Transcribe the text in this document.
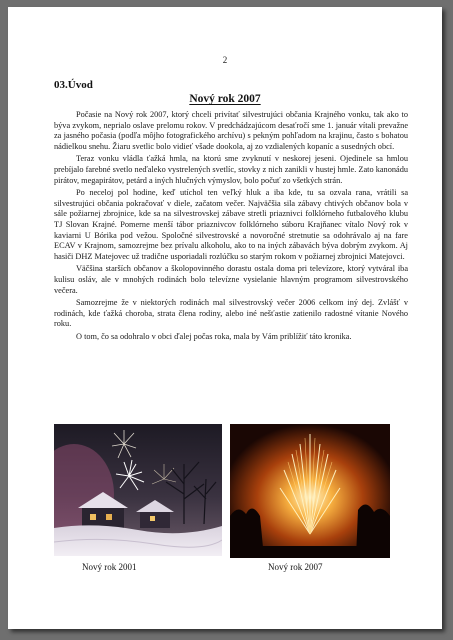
2
03.Úvod
Nový rok 2007

Počasie na Nový rok 2007, ktorý chceli privítať silvestrujúci občania Krajného vonku, tak ako to býva zvykom, neprialo oslave prelomu rokov. V predchádzajúcom desaťročí sme 1. január vítali prevažne za jasného počasia (podľa môjho fotografického archívu) s pekným pohľadom na krajinu, často s bohatou nádielkou snehu. Žiaru svetlic bolo vidieť všade dookola, aj zo vzdialených kopaníc a susedných obcí.

Teraz vonku vládla ťažká hmla, na ktorú sme zvyknutí v neskorej jeseni. Ojedinele sa hmlou prebíjalo farebné svetlo neďaleko vystrelených svetlíc, stovky z nich zanikli v hustej hmle. Zato kanonádu pirátov, megapirátov, petárd a iných hlučných výmyslov, bolo počuť zo všetkých strán.

Po neceloj pol hodine, keď utíchol ten veľký hluk a iba kde, tu sa ozvala rana, vrátili sa silvestrujúci občania pokračovať v diele, začatom večer. Najväčšia sila zábavy chtivých občanov bola v sále požiarnej zbrojnice, kde sa na silvestrovskej zábave stretli priaznivci folklórneho futbalového klubu TJ Slovan Krajné. Pomerne menší tábor priaznivcov folklórneho súboru Krajňanec vítalo Nový rok v kaviarni U Bórika pod vežou. Spoločné silvestrovské a novoročné stretnutie sa odohrávalo aj na fare ECAV v Krajnom, samozrejme bez prívalu alkoholu, ako to na iných zábavách býva dobrým zvykom. Aj hasiči DHZ Matejovec už tradične usporiadali rozlúčku so starým rokom v požiarnej zbrojnici Matejovci.

Väčšina starších občanov a školopovinného dorastu ostala doma pri televízore, ktorý vytváral iba kulisu osláv, ale v mnohých rodinách bolo televízne vysielanie hlavným programom silvestrovského večera.

Samozrejme že v niektorých rodinách mal silvestrovský večer 2006 celkom iný dej. Zvlášť v rodinách, kde ťažká choroba, strata člena rodiny, alebo iné nešťastie zatienilo radostné vítanie Nového roku.

O tom, čo sa odohralo v obci ďalej počas roka, mala by Vám priblížiť táto kronika.

Nový rok 2001	Nový rok 2007
